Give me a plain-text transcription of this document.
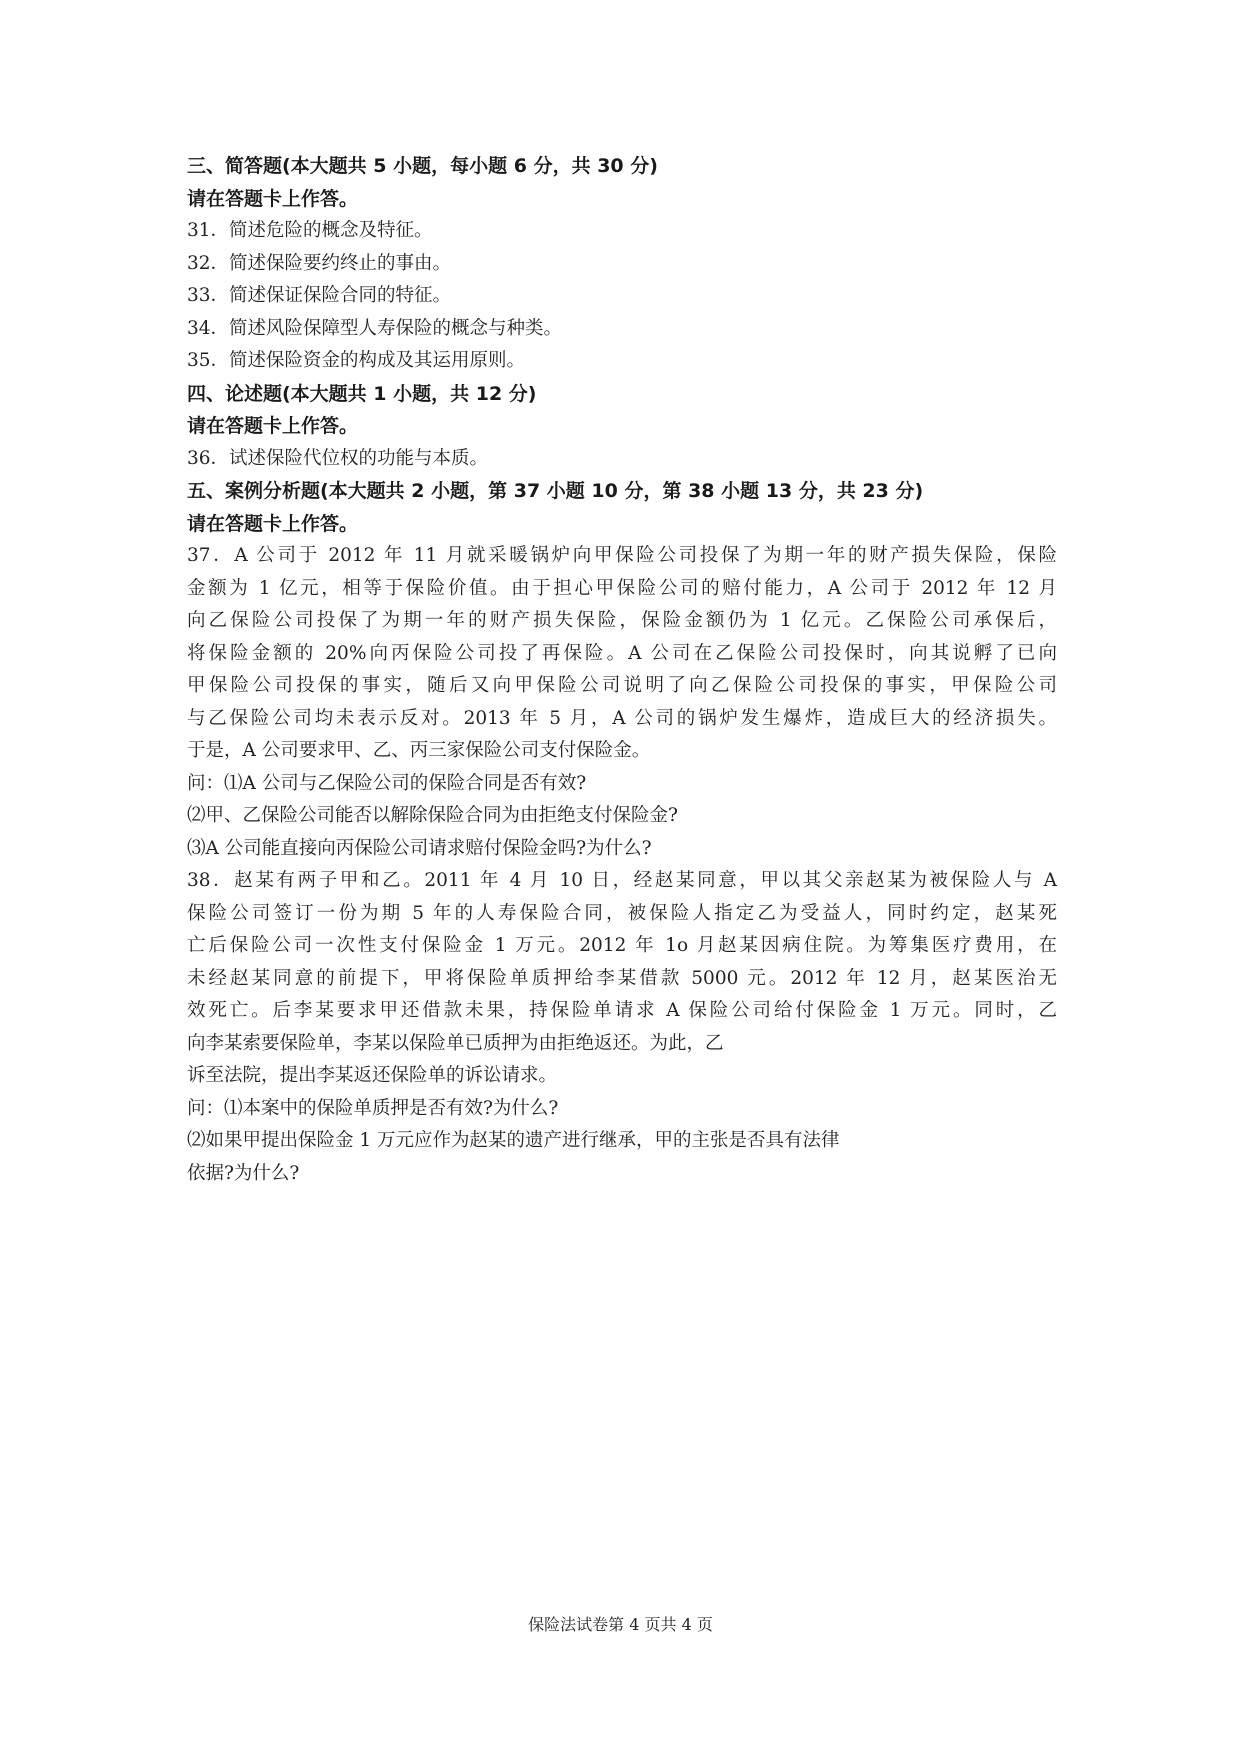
三、简答题(本大题共 5 小题，每小题 6 分，共 30 分)
请在答题卡上作答。
31．简述危险的概念及特征。
32．简述保险要约终止的事由。
33．简述保证保险合同的特征。
34．简述风险保障型人寿保险的概念与种类。
35．简述保险资金的构成及其运用原则。
四、论述题(本大题共 1 小题，共 12 分)
请在答题卡上作答。
36．试述保险代位权的功能与本质。
五、案例分析题(本大题共 2 小题，第 37 小题 10 分，第 38 小题 13 分，共 23 分)
请在答题卡上作答。
37．A 公司于 2012 年 11 月就采暖锅炉向甲保险公司投保了为期一年的财产损失保险，保险
金额为 1 亿元，相等于保险价值。由于担心甲保险公司的赔付能力，A 公司于 2012 年 12 月
向乙保险公司投保了为期一年的财产损失保险，保险金额仍为 1 亿元。乙保险公司承保后，
将保险金额的 20%向丙保险公司投了再保险。A 公司在乙保险公司投保时，向其说孵了已向
甲保险公司投保的事实，随后又向甲保险公司说明了向乙保险公司投保的事实，甲保险公司
与乙保险公司均未表示反对。2013 年 5 月，A 公司的锅炉发生爆炸，造成巨大的经济损失。
于是，A 公司要求甲、乙、丙三家保险公司支付保险金。
问：⑴A 公司与乙保险公司的保险合同是否有效?
⑵甲、乙保险公司能否以解除保险合同为由拒绝支付保险金?
⑶A 公司能直接向丙保险公司请求赔付保险金吗?为什么?
38．赵某有两子甲和乙。2011 年 4 月 10 日，经赵某同意，甲以其父亲赵某为被保险人与 A
保险公司签订一份为期 5 年的人寿保险合同，被保险人指定乙为受益人，同时约定，赵某死
亡后保险公司一次性支付保险金 1 万元。2012 年 1o 月赵某因病住院。为筹集医疗费用，在
未经赵某同意的前提下，甲将保险单质押给李某借款 5000 元。2012 年 12 月，赵某医治无
效死亡。后李某要求甲还借款未果，持保险单请求 A 保险公司给付保险金 1 万元。同时，乙
向李某索要保险单，李某以保险单已质押为由拒绝返还。为此，乙
诉至法院，提出李某返还保险单的诉讼请求。
问：⑴本案中的保险单质押是否有效?为什么?
⑵如果甲提出保险金 1 万元应作为赵某的遗产进行继承，甲的主张是否具有法律
依据?为什么?
保险法试卷第 4 页共 4 页
